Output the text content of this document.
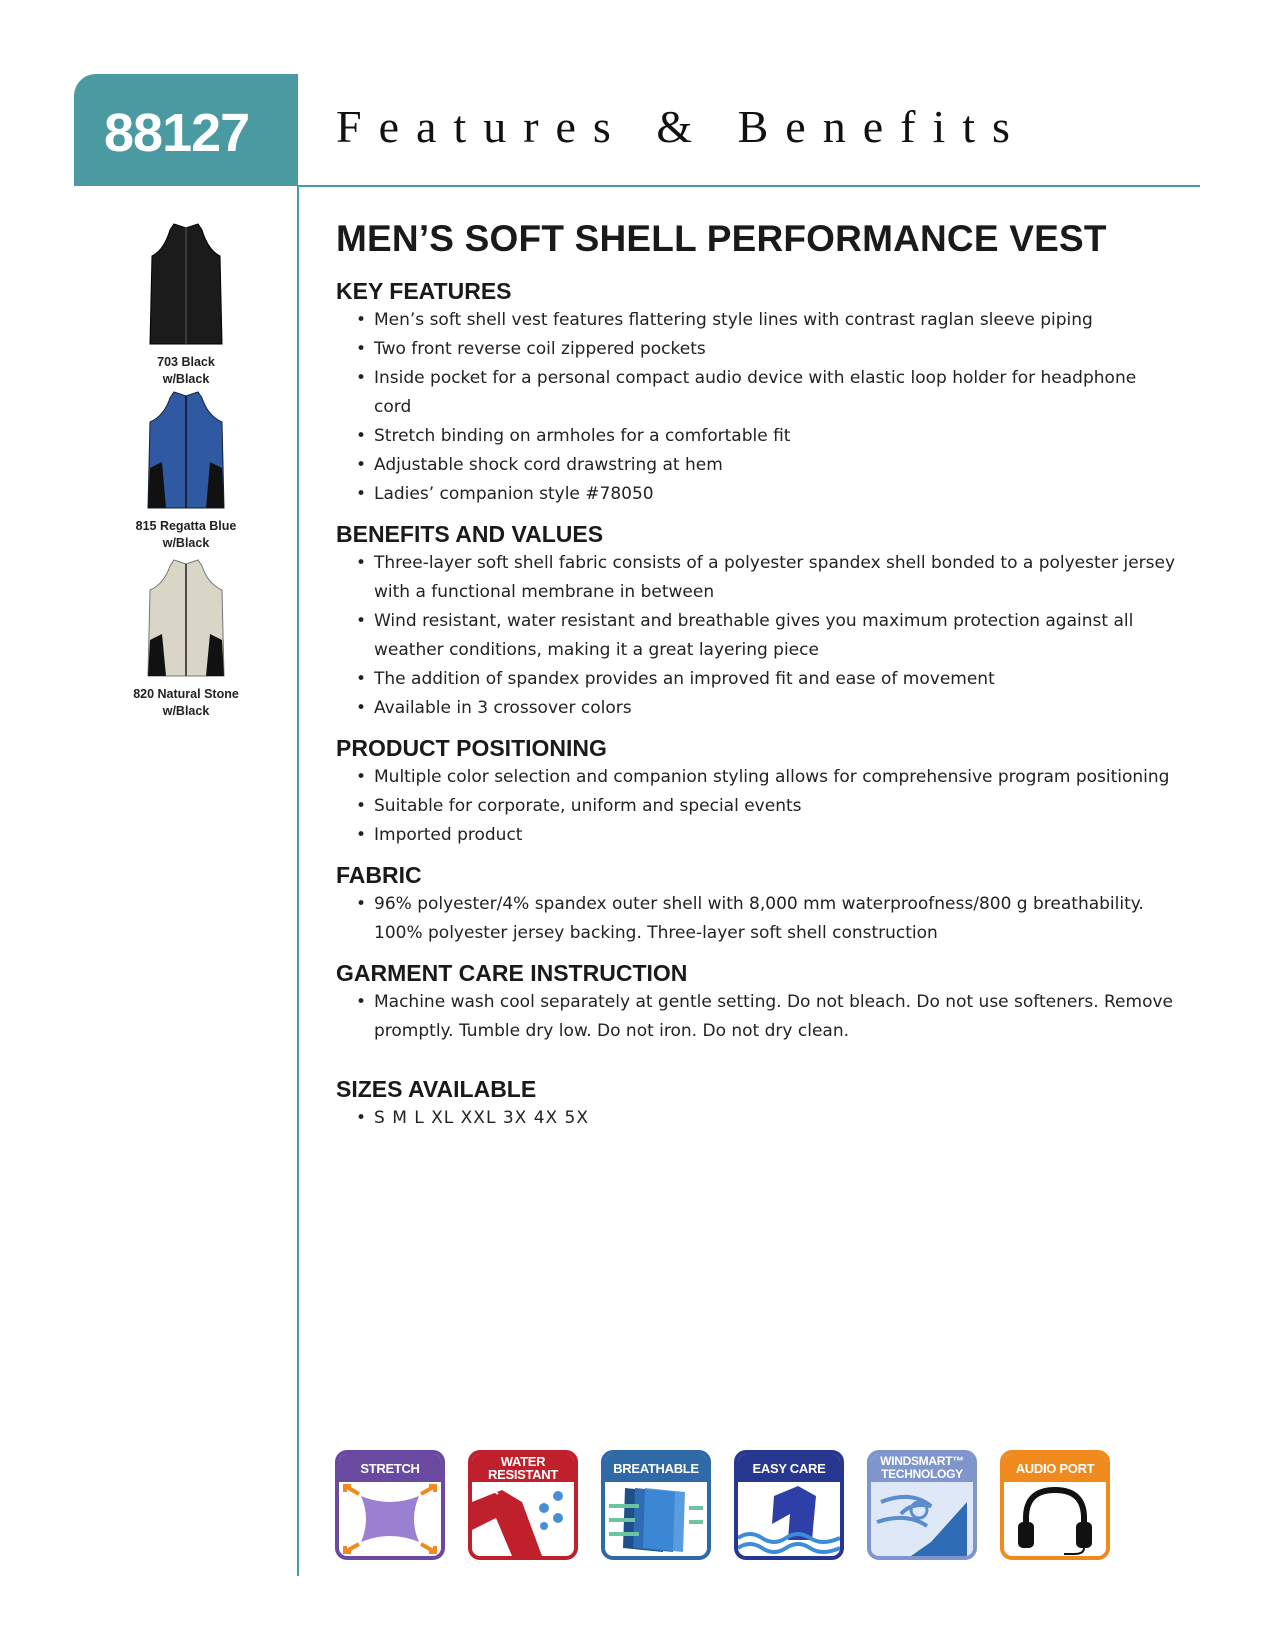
88127 Features & Benefits
703 Black
w/Black
815 Regatta Blue
w/Black
820 Natural Stone
w/Black
MEN’S SOFT SHELL PERFORMANCE VEST
KEY FEATURES
• Men’s soft shell vest features flattering style lines with contrast raglan sleeve piping
• Two front reverse coil zippered pockets
• Inside pocket for a personal compact audio device with elastic loop holder for headphone cord
• Stretch binding on armholes for a comfortable fit
• Adjustable shock cord drawstring at hem
• Ladies’ companion style #78050
BENEFITS AND VALUES
• Three-layer soft shell fabric consists of a polyester spandex shell bonded to a polyester jersey with a functional membrane in between
• Wind resistant, water resistant and breathable gives you maximum protection against all weather conditions, making it a great layering piece
• The addition of spandex provides an improved fit and ease of movement
• Available in 3 crossover colors
PRODUCT POSITIONING
• Multiple color selection and companion styling allows for comprehensive program positioning
• Suitable for corporate, uniform and special events
• Imported product
FABRIC
• 96% polyester/4% spandex outer shell with 8,000 mm waterproofness/800 g breathability. 100% polyester jersey backing. Three-layer soft shell construction
GARMENT CARE INSTRUCTION
• Machine wash cool separately at gentle setting. Do not bleach. Do not use softeners. Remove promptly. Tumble dry low. Do not iron. Do not dry clean.
SIZES AVAILABLE
• S M L XL XXL 3X 4X 5X
STRETCH	WATER RESISTANT	BREATHABLE	EASY CARE	WINDSMART™ TECHNOLOGY	AUDIO PORT
